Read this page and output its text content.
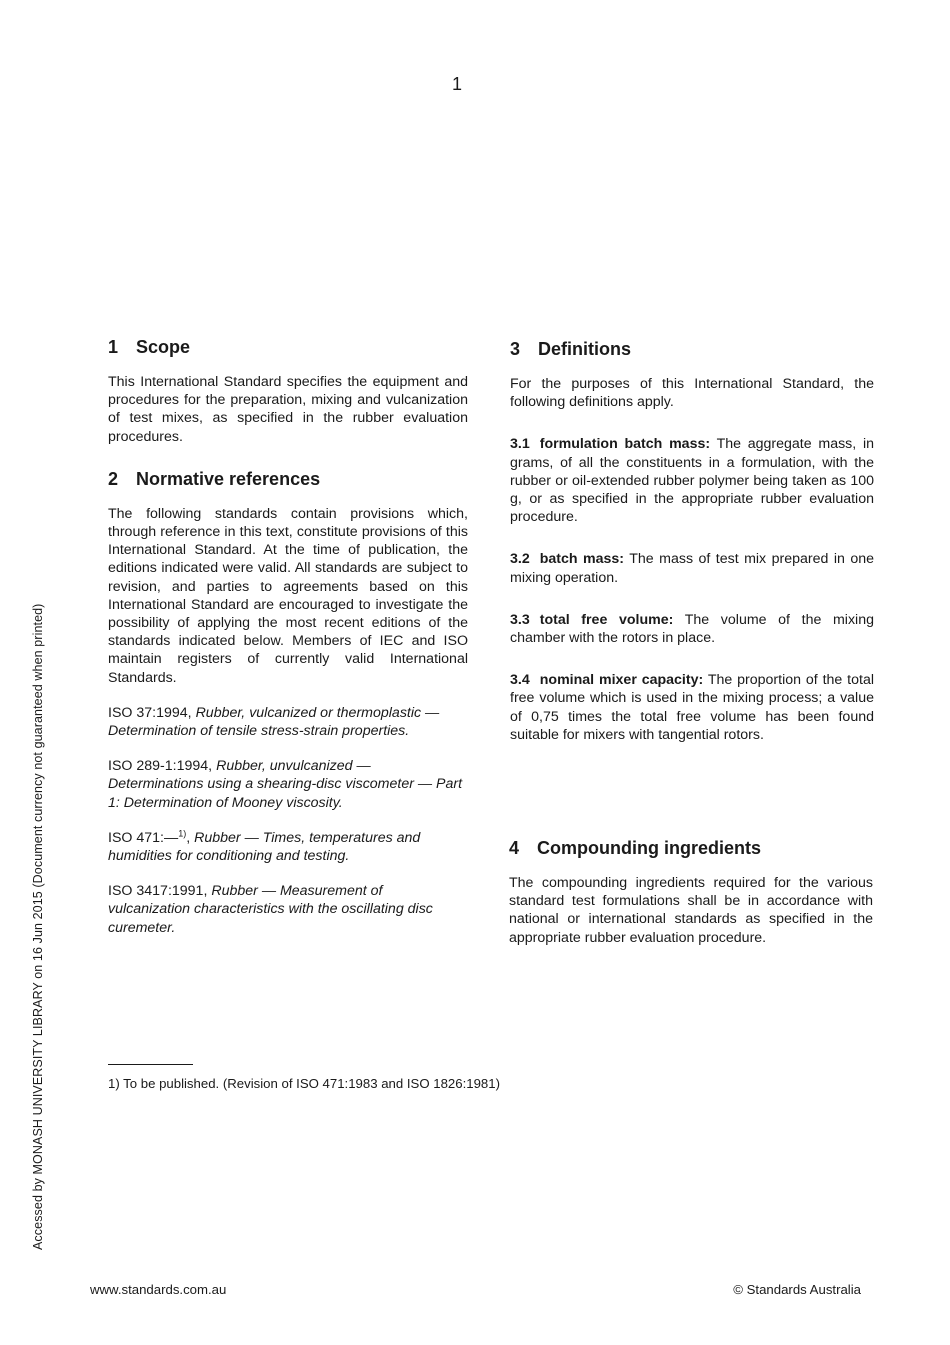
1
Accessed by MONASH UNIVERSITY LIBRARY on 16 Jun 2015 (Document currency not guaranteed when printed)
1 Scope

This International Standard specifies the equipment and procedures for the preparation, mixing and vulcanization of test mixes, as specified in the rubber evaluation procedures.

2 Normative references

The following standards contain provisions which, through reference in this text, constitute provisions of this International Standard. At the time of publication, the editions indicated were valid. All standards are subject to revision, and parties to agreements based on this International Standard are encouraged to investigate the possibility of applying the most recent editions of the standards indicated below. Members of IEC and ISO maintain registers of currently valid International Standards.

ISO 37:1994, Rubber, vulcanized or thermoplastic — Determination of tensile stress-strain properties.

ISO 289-1:1994, Rubber, unvulcanized — Determinations using a shearing-disc viscometer — Part 1: Determination of Mooney viscosity.

ISO 471:—$^{1)}$, Rubber — Times, temperatures and humidities for conditioning and testing.

ISO 3417:1991, Rubber — Measurement of vulcanization characteristics with the oscillating disc curemeter.

3 Definitions

For the purposes of this International Standard, the following definitions apply.

3.1 formulation batch mass: The aggregate mass, in grams, of all the constituents in a formulation, with the rubber or oil-extended rubber polymer being taken as 100 g, or as specified in the appropriate rubber evaluation procedure.

3.2 batch mass: The mass of test mix prepared in one mixing operation.

3.3 total free volume: The volume of the mixing chamber with the rotors in place.

3.4 nominal mixer capacity: The proportion of the total free volume which is used in the mixing process; a value of 0,75 times the total free volume has been found suitable for mixers with tangential rotors.

4 Compounding ingredients

The compounding ingredients required for the various standard test formulations shall be in accordance with national or international standards as specified in the appropriate rubber evaluation procedure.

1) To be published. (Revision of ISO 471:1983 and ISO 1826:1981)
www.standards.com.au	© Standards Australia
